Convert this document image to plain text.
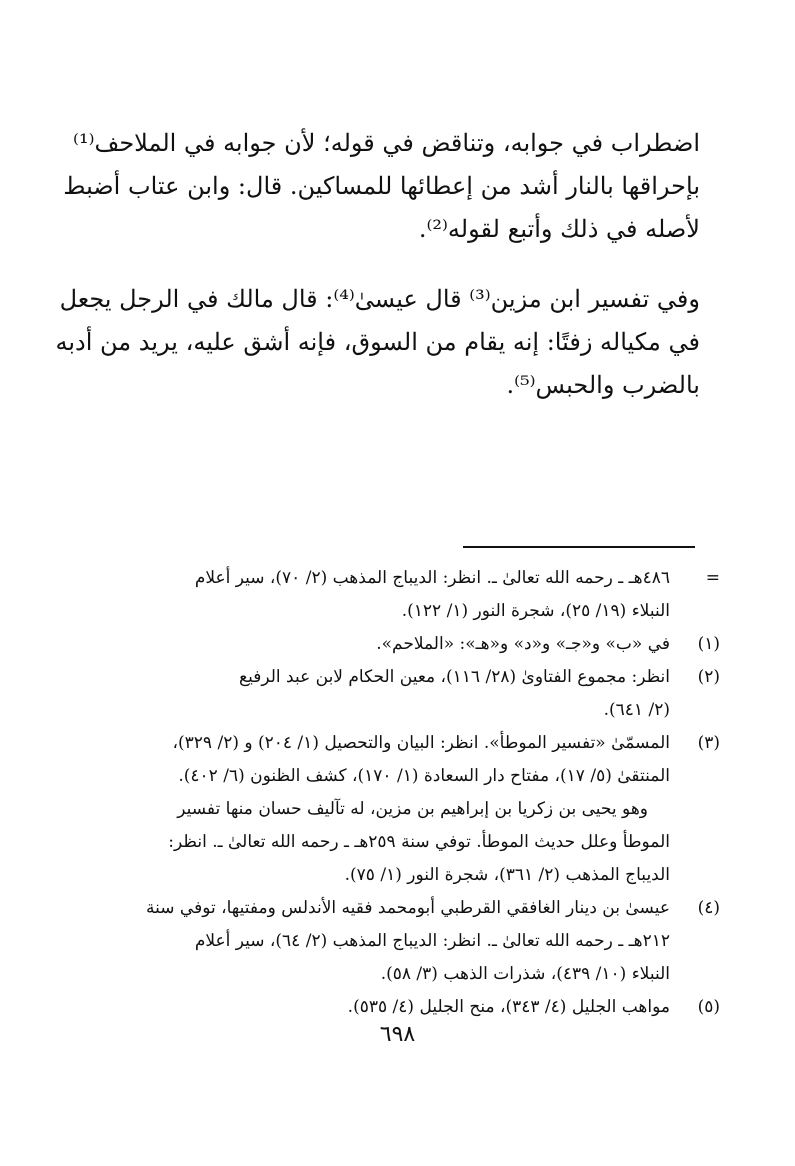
اضطراب في جوابه، وتناقض في قوله؛ لأن جوابه في الملاحف⁽¹⁾
بإحراقها بالنار أشد من إعطائها للمساكين. قال: وابن عتاب أضبط
لأصله في ذلك وأتبع لقوله⁽²⁾.
وفي تفسير ابن مزين⁽³⁾ قال عيسىٰ⁽⁴⁾: قال مالك في الرجل يجعل
في مكياله زفتًا: إنه يقام من السوق، فإنه أشق عليه، يريد من أدبه
بالضرب والحبس⁽⁵⁾.
=
٤٨٦هـ ـ رحمه الله تعالىٰ ـ. انظر: الديباج المذهب (٢/ ٧٠)، سير أعلام
النبلاء (١٩/ ٢٥)، شجرة النور (١/ ١٢٢).
(١)
في «ب» و«جـ» و«د» و«هـ»: «الملاحم».
(٢)
انظر: مجموع الفتاوىٰ (٢٨/ ١١٦)، معين الحكام لابن عبد الرفيع
(٢/ ٦٤١).
(٣)
المسمّىٰ «تفسير الموطأ». انظر: البيان والتحصيل (١/ ٢٠٤) و (٢/ ٣٢٩)،
المنتقىٰ (٥/ ١٧)، مفتاح دار السعادة (١/ ١٧٠)، كشف الظنون (٦/ ٤٠٢).
وهو يحيى بن زكريا بن إبراهيم بن مزين، له تآليف حسان منها تفسير
الموطأ وعلل حديث الموطأ. توفي سنة ٢٥٩هـ ـ رحمه الله تعالىٰ ـ. انظر:
الديباج المذهب (٢/ ٣٦١)، شجرة النور (١/ ٧٥).
(٤)
عيسىٰ بن دينار الغافقي القرطبي أبومحمد فقيه الأندلس ومفتيها، توفي سنة
٢١٢هـ ـ رحمه الله تعالىٰ ـ. انظر: الديباج المذهب (٢/ ٦٤)، سير أعلام
النبلاء (١٠/ ٤٣٩)، شذرات الذهب (٣/ ٥٨).
(٥)
مواهب الجليل (٤/ ٣٤٣)، منح الجليل (٤/ ٥٣٥).
٦٩٨
